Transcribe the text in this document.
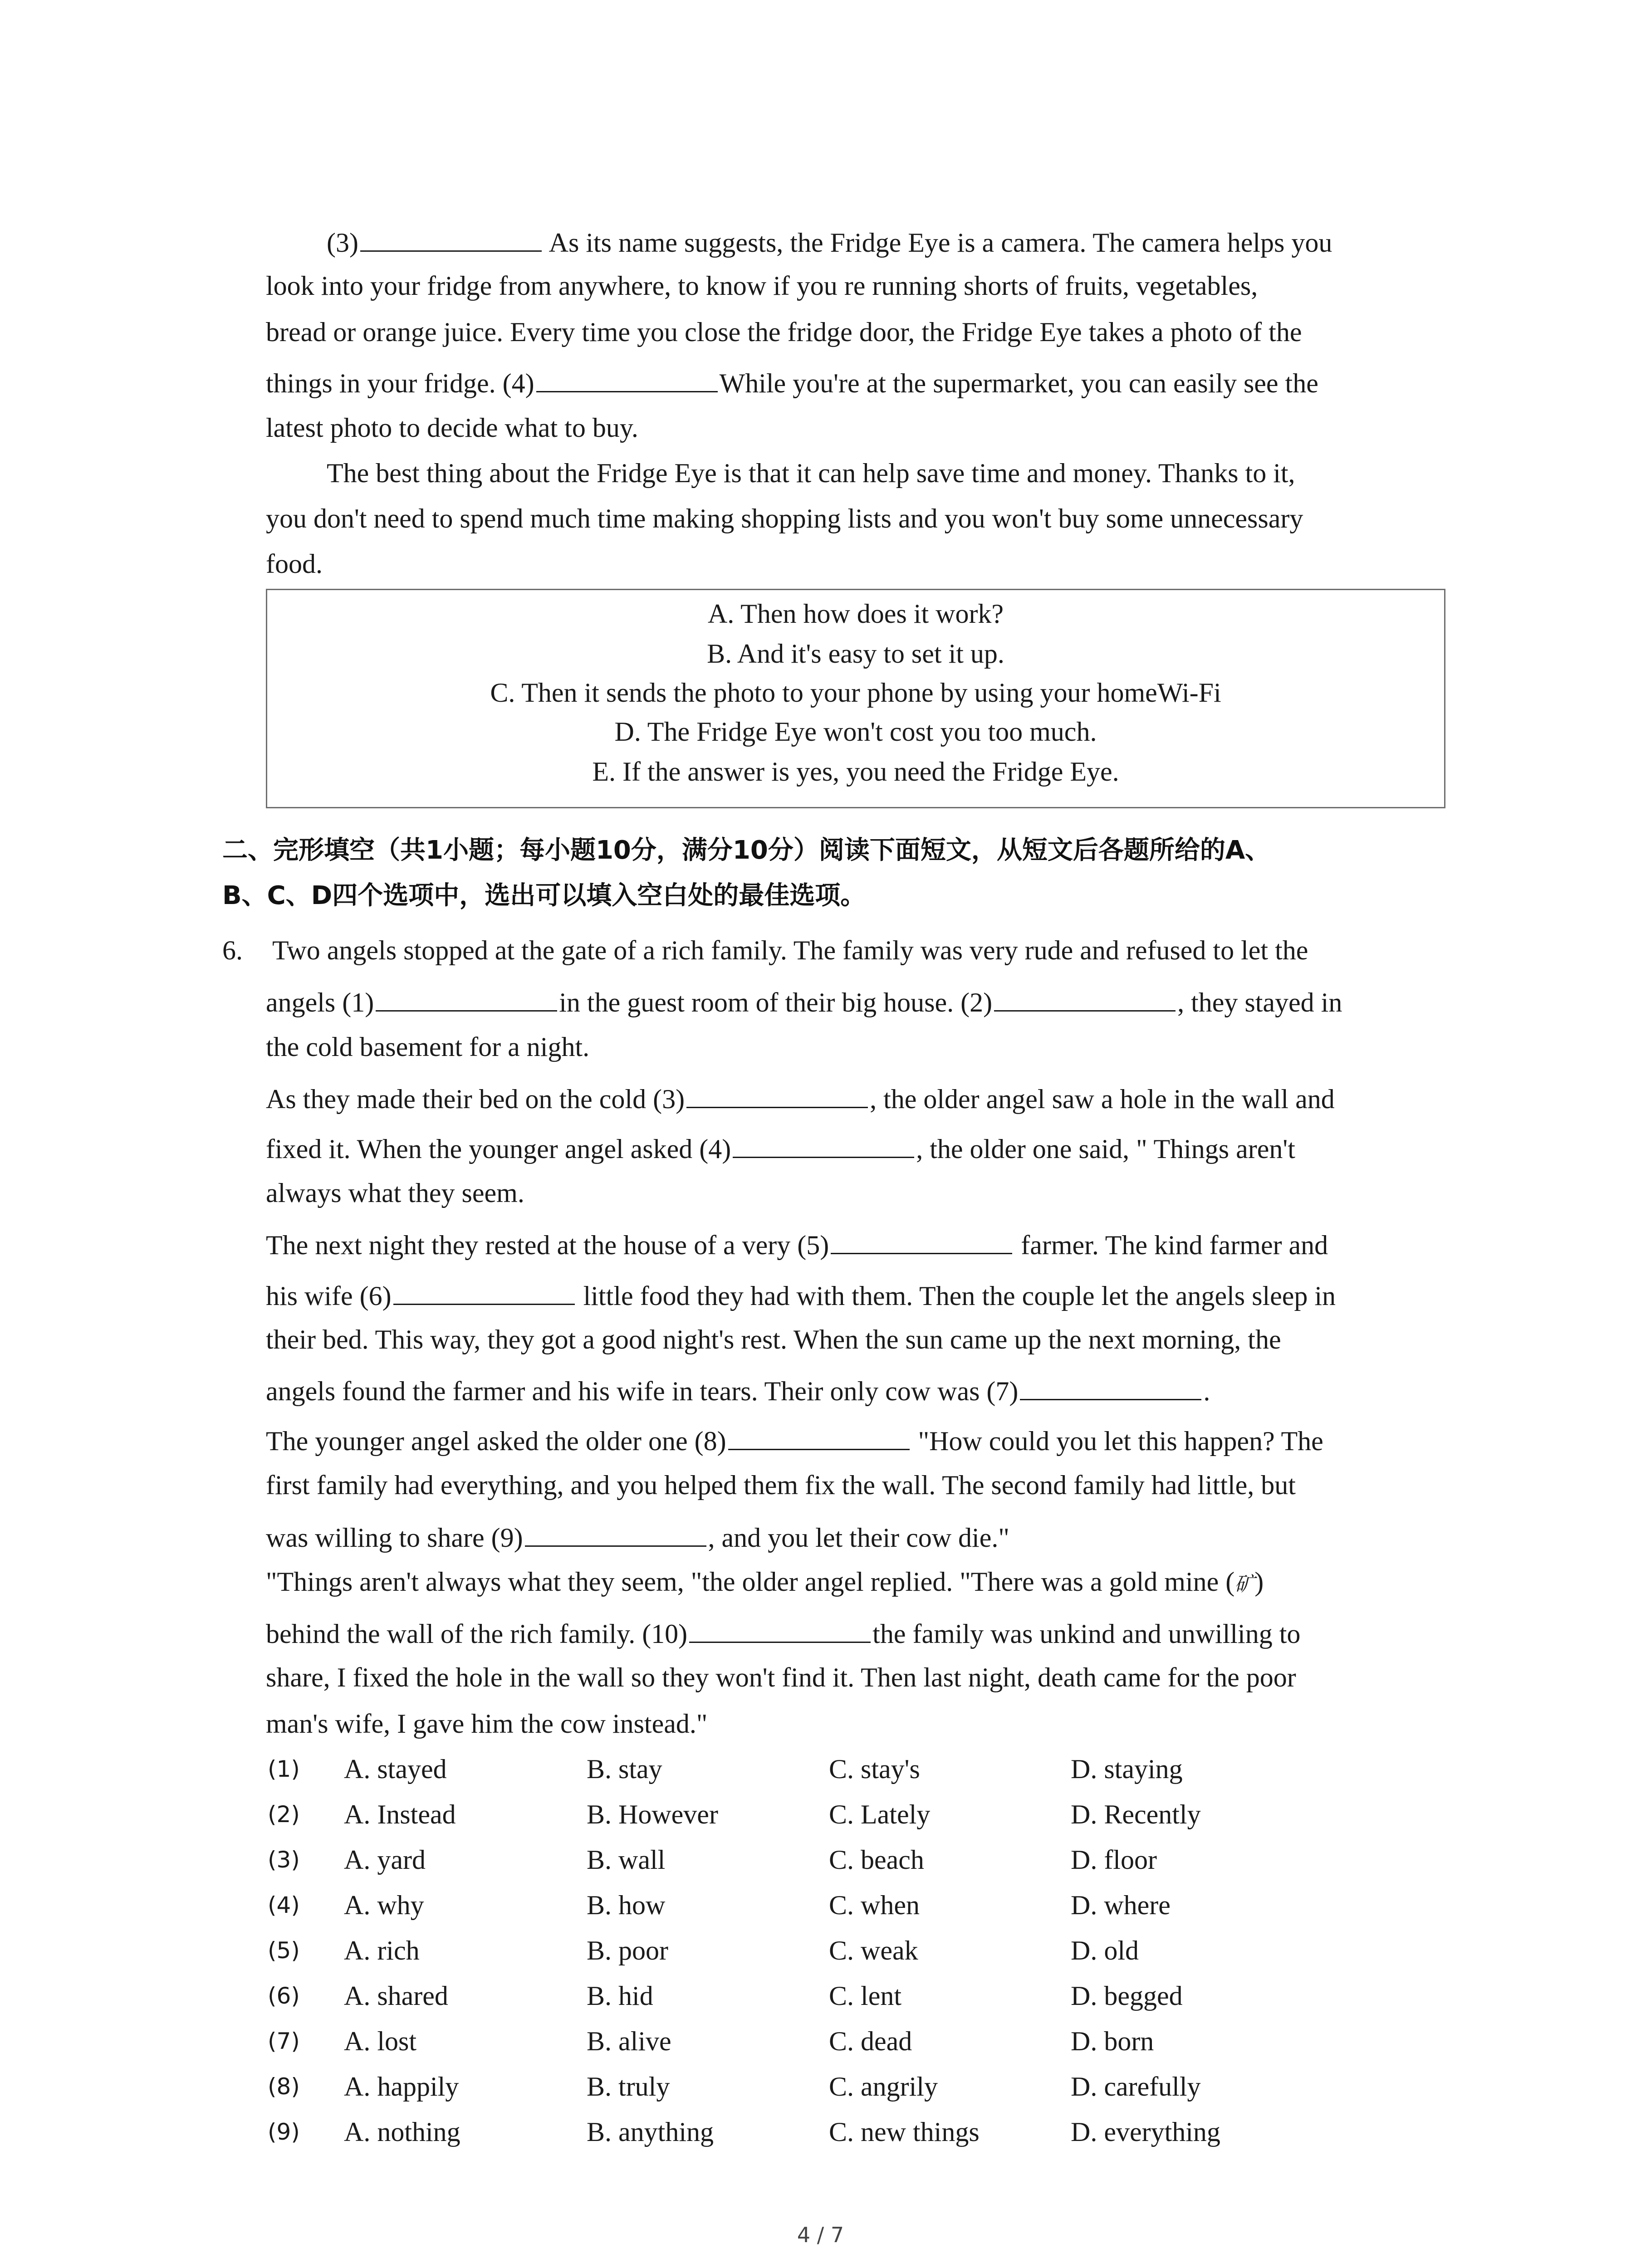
(3)	As its name suggests, the Fridge Eye is a camera. The camera helps you
look into your fridge from anywhere, to know if you re running shorts of fruits, vegetables,
bread or orange juice. Every time you close the fridge door, the Fridge Eye takes a photo of the
things in your fridge. (4)	While you're at the supermarket, you can easily see the
latest photo to decide what to buy.
The best thing about the Fridge Eye is that it can help save time and money. Thanks to it,
you don't need to spend much time making shopping lists and you won't buy some unnecessary
food.
A. Then how does it work?
B. And it's easy to set it up.
C. Then it sends the photo to your phone by using your homeWi-Fi
D. The Fridge Eye won't cost you too much.
E. If the answer is yes, you need the Fridge Eye.
二、完形填空（共1小题；每小题10分，满分10分）阅读下面短文，从短文后各题所给的A、
B、C、D四个选项中，选出可以填入空白处的最佳选项。
6. Two angels stopped at the gate of a rich family. The family was very rude and refused to let the
angels (1)	in the guest room of their big house. (2)	, they stayed in
the cold basement for a night.
As they made their bed on the cold (3)	, the older angel saw a hole in the wall and
fixed it. When the younger angel asked (4)	, the older one said, " Things aren't
always what they seem.
The next night they rested at the house of a very (5)	farmer. The kind farmer and
his wife (6)	little food they had with them. Then the couple let the angels sleep in
their bed. This way, they got a good night's rest. When the sun came up the next morning, the
angels found the farmer and his wife in tears. Their only cow was (7)	.
The younger angel asked the older one (8)	"How could you let this happen? The
first family had everything, and you helped them fix the wall. The second family had little, but
was willing to share (9)	, and you let their cow die."
"Things aren't always what they seem, "the older angel replied. "There was a gold mine (矿)
behind the wall of the rich family. (10)	the family was unkind and unwilling to
share, I fixed the hole in the wall so they won't find it. Then last night, death came for the poor
man's wife, I gave him the cow instead."
(1) A. stayed	B. stay	C. stay's	D. staying
(2) A. Instead	B. However	C. Lately	D. Recently
(3) A. yard	B. wall	C. beach	D. floor
(4) A. why	B. how	C. when	D. where
(5) A. rich	B. poor	C. weak	D. old
(6) A. shared	B. hid	C. lent	D. begged
(7) A. lost	B. alive	C. dead	D. born
(8) A. happily	B. truly	C. angrily	D. carefully
(9) A. nothing	B. anything	C. new things	D. everything
4 / 7
